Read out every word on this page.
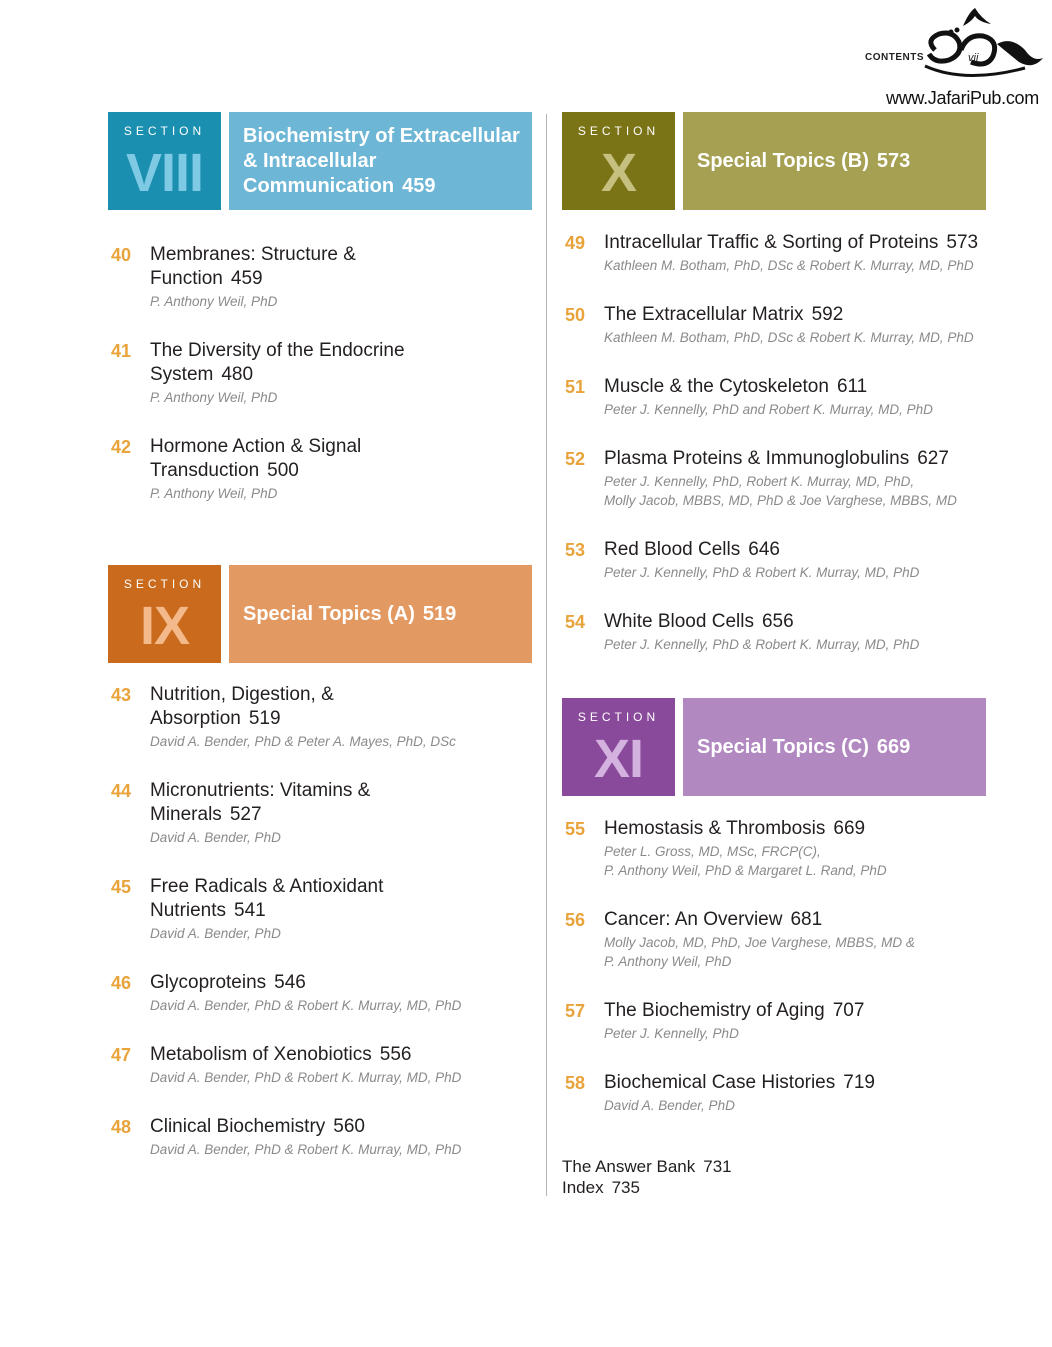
CONTENTS	vii
www.JafariPub.com
SECTION
VIII
Biochemistry of Extracellular & Intracellular Communication 459
40 Membranes: Structure &
Function 459
P. Anthony Weil, PhD
41 The Diversity of the Endocrine
System 480
P. Anthony Weil, PhD
42 Hormone Action & Signal
Transduction 500
P. Anthony Weil, PhD
SECTION
IX	Special Topics (A) 519
43 Nutrition, Digestion, &
Absorption 519
David A. Bender, PhD & Peter A. Mayes, PhD, DSc
44 Micronutrients: Vitamins &
Minerals 527
David A. Bender, PhD
45 Free Radicals & Antioxidant
Nutrients 541
David A. Bender, PhD
46 Glycoproteins 546
David A. Bender, PhD & Robert K. Murray, MD, PhD
47 Metabolism of Xenobiotics 556
David A. Bender, PhD & Robert K. Murray, MD, PhD
48 Clinical Biochemistry 560
David A. Bender, PhD & Robert K. Murray, MD, PhD
SECTION
X	Special Topics (B) 573
49 Intracellular Traffic & Sorting of Proteins 573
Kathleen M. Botham, PhD, DSc & Robert K. Murray, MD, PhD
50 The Extracellular Matrix 592
Kathleen M. Botham, PhD, DSc & Robert K. Murray, MD, PhD
51 Muscle & the Cytoskeleton 611
Peter J. Kennelly, PhD and Robert K. Murray, MD, PhD
52 Plasma Proteins & Immunoglobulins 627
Peter J. Kennelly, PhD, Robert K. Murray, MD, PhD,
Molly Jacob, MBBS, MD, PhD & Joe Varghese, MBBS, MD
53 Red Blood Cells 646
Peter J. Kennelly, PhD & Robert K. Murray, MD, PhD
54 White Blood Cells 656
Peter J. Kennelly, PhD & Robert K. Murray, MD, PhD
SECTION
XI	Special Topics (C) 669
55 Hemostasis & Thrombosis 669
Peter L. Gross, MD, MSc, FRCP(C),
P. Anthony Weil, PhD & Margaret L. Rand, PhD
56 Cancer: An Overview 681
Molly Jacob, MD, PhD, Joe Varghese, MBBS, MD &
P. Anthony Weil, PhD
57 The Biochemistry of Aging 707
Peter J. Kennelly, PhD
58 Biochemical Case Histories 719
David A. Bender, PhD
The Answer Bank 731
Index 735
